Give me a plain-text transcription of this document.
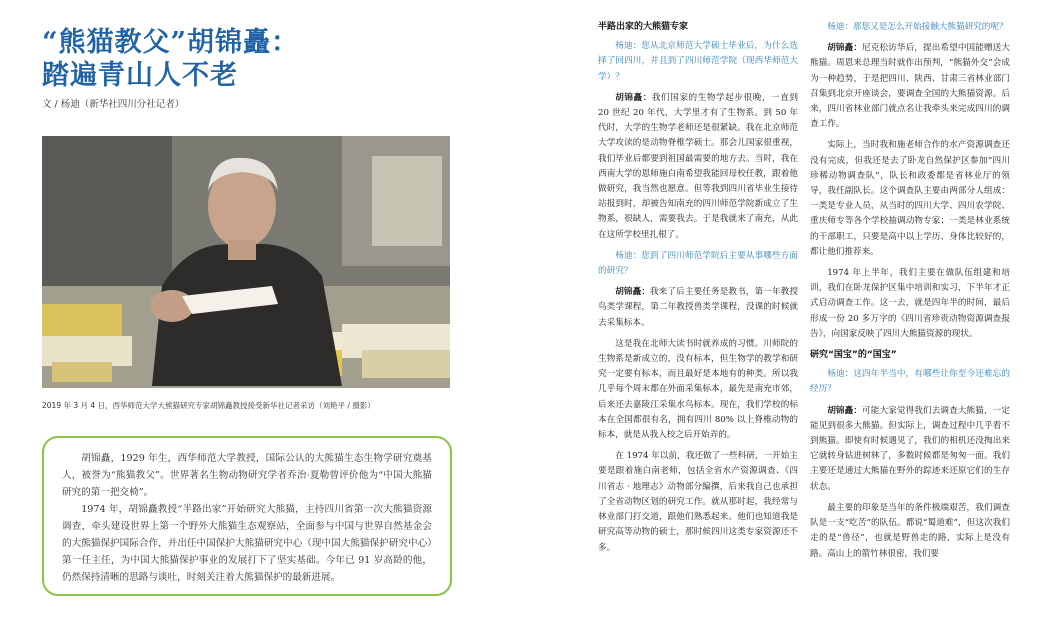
“熊猫教父”胡锦矗：
踏遍青山人不老
文 / 杨迪（新华社四川分社记者）
2019 年 3 月 4 日，西华师范大学大熊猫研究专家胡锦矗教授接受新华社记者采访（刘艳平 / 摄影）

胡锦矗，1929 年生，西华师范大学教授，国际公认的大熊猫生态生物学研究奠基人，被誉为“熊猫教父”。世界著名生物动物研究学者乔治·夏勒曾评价他为“中国大熊猫研究的第一把交椅”。

1974 年，胡锦矗教授“半路出家”开始研究大熊猫，主持四川省第一次大熊猫资源调查，牵头建设世界上第一个野外大熊猫生态观察站，全面参与中国与世界自然基金会的大熊猫保护国际合作，并出任中国保护大熊猫研究中心（现中国大熊猫保护研究中心）第一任主任，为中国大熊猫保护事业的发展打下了坚实基础。今年已 91 岁高龄的他，仍然保持清晰的思路与谈吐，时刻关注着大熊猫保护的最新进展。

半路出家的大熊猫专家

杨迪：您从北京师范大学硕士毕业后，为什么选择了回四川，并且到了四川师范学院（现西华师范大学）？

胡锦矗：我们国家的生物学起步很晚，一直到 20 世纪 20 年代，大学里才有了生物系。到 50 年代时，大学的生物学老师还是很紧缺。我在北京师范大学攻读的是动物脊椎学硕士。那会儿国家很重视，我们毕业后都要到祖国最需要的地方去。当时，我在西南大学的恩师施白南希望我能回母校任教，跟着他做研究，我当然也愿意。但等我到四川省毕业生接待站报到时，却被告知南充的四川师范学院新成立了生物系，很缺人，需要我去。于是我就来了南充，从此在这所学校里扎根了。

杨迪：您到了四川师范学院后主要从事哪些方面的研究？

胡锦矗：我来了后主要任务是教书，第一年教授鸟类学课程，第二年教授兽类学课程，没课的时候就去采集标本。

这是我在北师大读书时就养成的习惯。川师院的生物系是新成立的，没有标本，但生物学的教学和研究一定要有标本，而且最好是本地有的种类。所以我几乎每个周末都在外面采集标本，最先是南充市郊，后来还去嘉陵江采集水鸟标本。现在，我们学校的标本在全国都很有名，拥有四川 80% 以上脊椎动物的标本，就是从我入校之后开始弄的。

在 1974 年以前，我还做了一些科研，一开始主要是跟着施白南老师，包括全省水产资源调查、《四川省志 · 地理志》动物部分编撰，后来我自己也承担了全省动物区划的研究工作。就从那时起，我经常与林业部门打交道，跟他们熟悉起来。他们也知道我是研究高等动物的硕士，那时候四川这类专家资源还不多。

杨迪：那您又是怎么开始接触大熊猫研究的呢？

胡锦矗：尼克松访华后，提出希望中国能赠送大熊猫。周恩来总理当时就作出预判，“熊猫外交”会成为一种趋势，于是把四川、陕西、甘肃三省林业部门召集到北京开座谈会，要调查全国的大熊猫资源。后来，四川省林业部门就点名让我牵头来完成四川的调查工作。

实际上，当时我和施老师合作的水产资源调查还没有完成，但我还是去了卧龙自然保护区参加“四川珍稀动物调查队”，队长和政委都是省林业厅的领导，我任副队长。这个调查队主要由两部分人组成：一类是专业人员，从当时的四川大学、四川农学院、重庆师专等各个学校抽调动物专家；一类是林业系统的干部职工，只要是高中以上学历、身体比较好的，都让他们推荐来。

1974 年上半年，我们主要在做队伍组建和培训，我们在卧龙保护区集中培训和实习，下半年才正式启动调查工作。这一去，就是四年半的时间，最后形成一份 20 多万字的《四川省珍贵动物资源调查报告》，向国家反映了四川大熊猫资源的现状。

研究“国宝”的“国宝”

杨迪：这四年半当中，有哪些让你至今还难忘的经历？

胡锦矗：可能大家觉得我们去调查大熊猫，一定能见到很多大熊猫。但实际上，调查过程中几乎看不到熊猫。即使有时候遇见了，我们的相机还没掏出来它就转身钻进树林了，多数时候都是匆匆一面。我们主要还是通过大熊猫在野外的踪迹来还原它们的生存状态。

最主要的印象是当年的条件极端艰苦，我们调查队是一支“吃苦”的队伍。都说“蜀道难”，但这次我们走的是“兽径”，也就是野兽走的路，实际上是没有路。高山上的箭竹林很密，我们要
